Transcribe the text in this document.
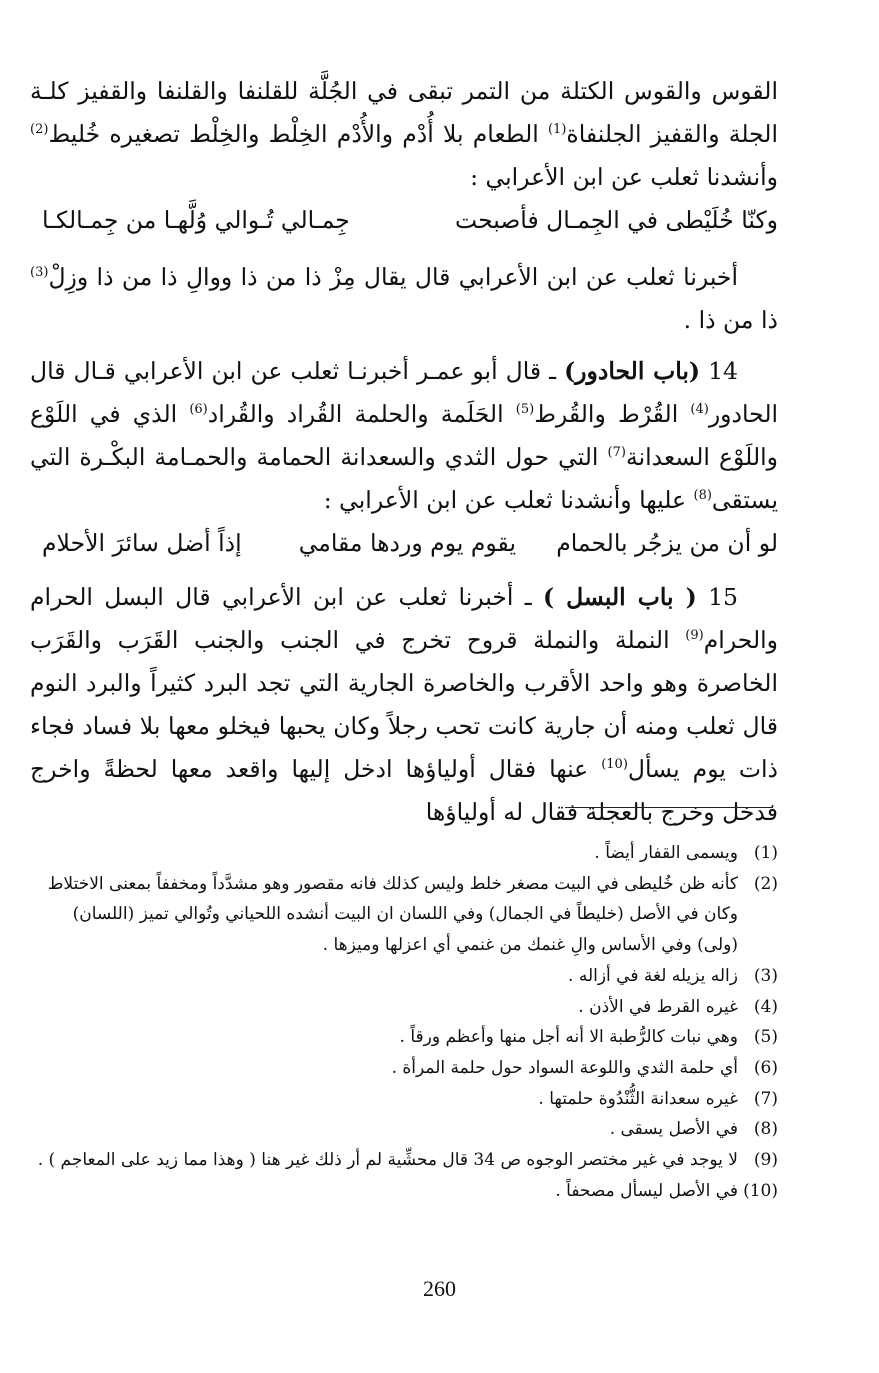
القوس والقوس الكتلة من التمر تبقى في الجُلَّة للقلنفا والقلنفا والقفيز كلـة الجلة والقفيز الجلنفاة$^{(1)}$ الطعام بلا أُدْم والأُدْم الخِلْط والخِلْط تصغيره خُليط$^{(2)}$ وأنشدنا ثعلب عن ابن الأعرابي :

وكنّا خُلَيْطى في الجِمـال فأصبحت
جِمـالي تُـوالي وُلَّهـا من جِمـالكـا

أخبرنا ثعلب عن ابن الأعرابي قال يقال مِزْ ذا من ذا ووالِ ذا من ذا وزِلْ$^{(3)}$ ذا من ذا .

14 (باب الحادور) ـ قال أبو عمـر أخبرنـا ثعلب عن ابن الأعرابي قـال قال الحادور$^{(4)}$ القُرْط والقُرط$^{(5)}$ الحَلَمة والحلمة القُراد والقُراد$^{(6)}$ الذي في اللَوْع واللَوْع السعدانة$^{(7)}$ التي حول الثدي والسعدانة الحمامة والحمـامة البكْـرة التي يستقى$^{(8)}$ عليها وأنشدنا ثعلب عن ابن الأعرابي :

لو أن من يزجُر بالحمام
يقوم يوم وردها مقامي
إذاً أضل سائرَ الأحلام

15 ( باب البسل ) ـ أخبرنا ثعلب عن ابن الأعرابي قال البسل الحرام والحرام$^{(9)}$ النملة والنملة قروح تخرج في الجنب والجنب القَرَب والقَرَب الخاصرة وهو واحد الأقرب والخاصرة الجارية التي تجد البرد كثيراً والبرد النوم قال ثعلب ومنه أن جارية كانت تحب رجلاً وكان يحبها فيخلو معها بلا فساد فجاء ذات يوم يسأل$^{(10)}$ عنها فقال أولياؤها ادخل إليها واقعد معها لحظةً واخرج فدخل وخرج بالعجلة فقال له أولياؤها

(1)
ويسمى القفار أيضاً .
(2)
كأنه ظن خُليطى في البيت مصغر خلط وليس كذلك فانه مقصور وهو مشدَّداً ومخففاً بمعنى الاختلاط وكان في الأصل (خليطاً في الجمال) وفي اللسان ان البيت أنشده اللحياني وتُوالي تميز (اللسان) (ولى) وفي الأساس والِ غنمك من غنمي أي اعزلها وميزها .
(3)
زاله يزيله لغة في أزاله .
(4)
غيره القرط في الأذن .
(5)
وهي نبات كالرُّطبة الا أنه أجل منها وأعظم ورقاً .
(6)
أي حلمة الثدي واللوعة السواد حول حلمة المرأة .
(7)
غيره سعدانة الثُّنْدُوة حلمتها .
(8)
في الأصل يسقى .
(9)
لا يوجد في غير مختصر الوجوه ص 34 قال محشِّية لم أر ذلك غير هنا ( وهذا مما زيد على المعاجم ) .
(10)
في الأصل ليسأل مصحفاً .
260
